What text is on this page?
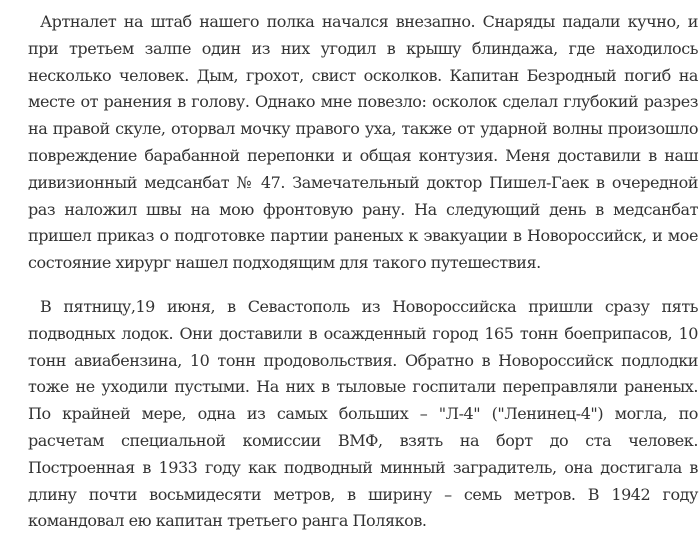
Артналет на штаб нашего полка начался внезапно. Снаряды падали кучно, и при третьем залпе один из них угодил в крышу блиндажа, где находилось несколько человек. Дым, грохот, свист осколков. Капитан Безродный погиб на месте от ранения в голову. Однако мне повезло: осколок сделал глубокий разрез на правой скуле, оторвал мочку правого уха, также от ударной волны произошло повреждение барабанной перепонки и общая контузия. Меня доставили в наш дивизионный медсанбат № 47. Замечательный доктор Пишел-Гаек в очередной раз наложил швы на мою фронтовую рану. На следующий день в медсанбат пришел приказ о подготовке партии раненых к эвакуации в Новороссийск, и мое состояние хирург нашел подходящим для такого путешествия.

В пятницу,19 июня, в Севастополь из Новороссийска пришли сразу пять подводных лодок. Они доставили в осажденный город 165 тонн боеприпасов, 10 тонн авиабензина, 10 тонн продовольствия. Обратно в Новороссийск подлодки тоже не уходили пустыми. На них в тыловые госпитали переправляли раненых. По крайней мере, одна из самых больших – "Л-4" ("Ленинец-4") могла, по расчетам специальной комиссии ВМФ, взять на борт до ста человек. Построенная в 1933 году как подводный минный заградитель, она достигала в длину почти восьмидесяти метров, в ширину – семь метров. В 1942 году командовал ею капитан третьего ранга Поляков.
